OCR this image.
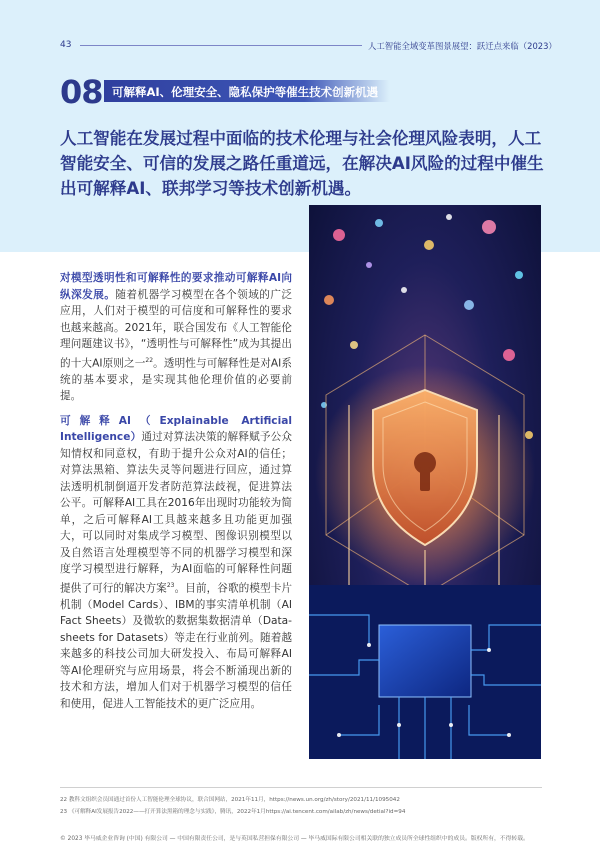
43	人工智能全域变革图景展望：跃迁点来临（2023）
08 可解释AI、伦理安全、隐私保护等催生技术创新机遇

人工智能在发展过程中面临的技术伦理与社会伦理风险表明，人工智能安全、可信的发展之路任重道远，在解决AI风险的过程中催生出可解释AI、联邦学习等技术创新机遇。

对模型透明性和可解释性的要求推动可解释AI向纵深发展。随着机器学习模型在各个领域的广泛应用，人们对于模型的可信度和可解释性的要求也越来越高。2021年，联合国发布《人工智能伦理问题建议书》，“透明性与可解释性”成为其提出的十大AI原则之一$^{22}$。透明性与可解释性是对AI系统的基本要求，是实现其他伦理价值的必要前提。

可解释AI（Explainable Artificial Intelligence）通过对算法决策的解释赋予公众知情权和同意权，有助于提升公众对AI的信任；对算法黑箱、算法失灵等问题进行回应，通过算法透明机制倒逼开发者防范算法歧视，促进算法公平。可解释AI工具在2016年出现时功能较为简单，之后可解释AI工具越来越多且功能更加强大，可以同时对集成学习模型、图像识别模型以及自然语言处理模型等不同的机器学习模型和深度学习模型进行解释，为AI面临的可解释性问题提供了可行的解决方案$^{23}$。目前，谷歌的模型卡片机制（Model Cards）、IBM的事实清单机制（AI Fact Sheets）及微软的数据集数据清单（Data-sheets for Datasets）等走在行业前列。随着越来越多的科技公司加大研发投入、布局可解释AI等AI伦理研究与应用场景，将会不断涌现出新的技术和方法，增加人们对于机器学习模型的信任和使用，促进人工智能技术的更广泛应用。

22 教科文组织会员国通过首份人工智能伦理全球协议，联合国网站，2021年11月，https://news.un.org/zh/story/2021/11/1095042
23 《可解释AI发展报告2022——打开算法黑箱的理念与实践》，腾讯，2022年1月https://ai.tencent.com/ailab/zh/news/detial?id=94
© 2023 毕马威企业咨询 (中国) 有限公司 — 中国有限责任公司，是与英国私营担保有限公司 — 毕马威国际有限公司相关联的独立成员所全球性组织中的成员。版权所有，不得转载。
